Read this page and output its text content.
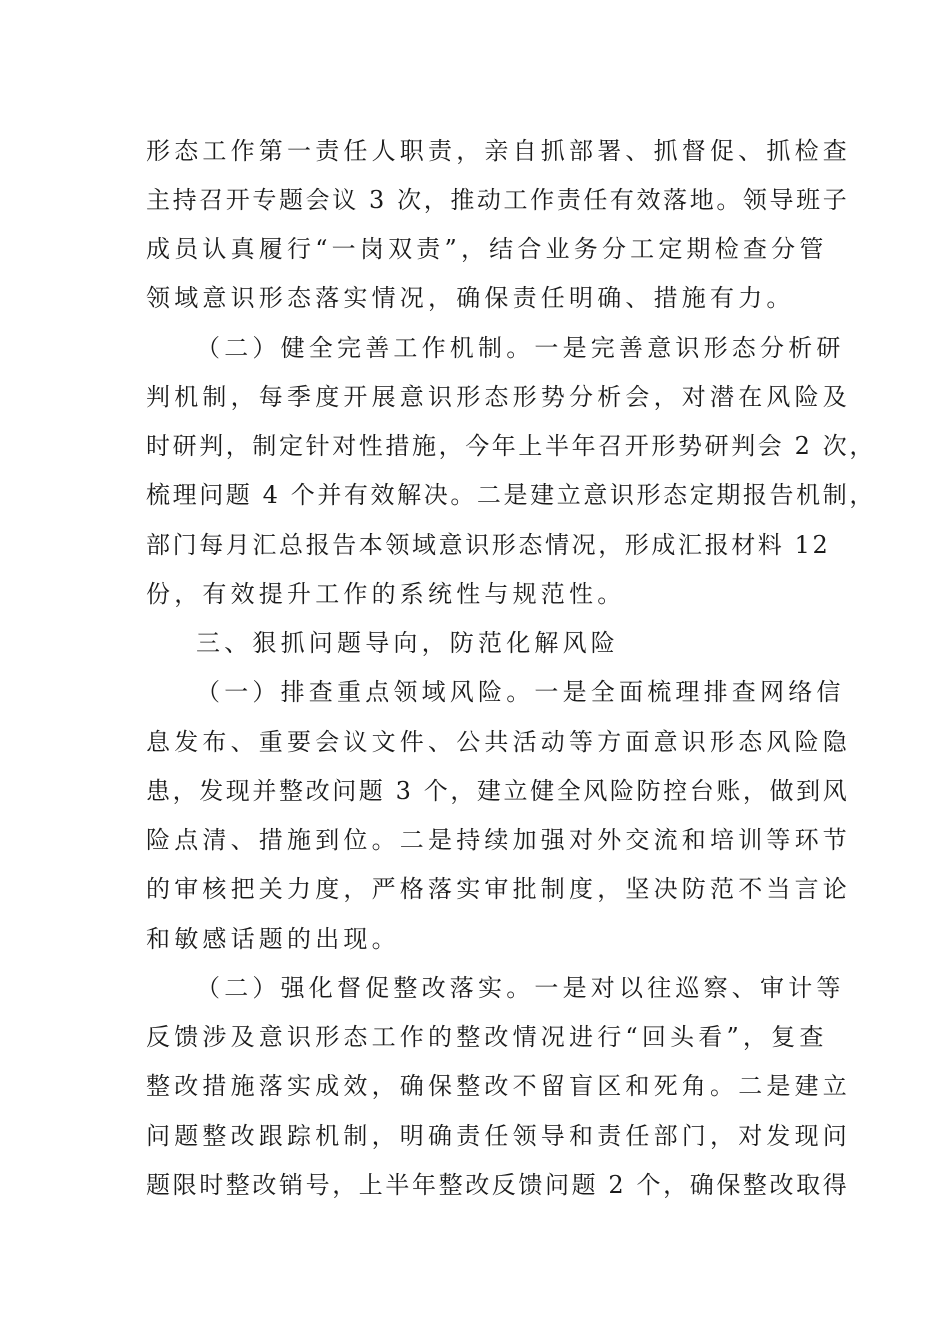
形态工作第一责任人职责，亲自抓部署、抓督促、抓检查
主持召开专题会议 3 次，推动工作责任有效落地。领导班子
成员认真履行“一岗双责”，结合业务分工定期检查分管
领域意识形态落实情况，确保责任明确、措施有力。
（二）健全完善工作机制。一是完善意识形态分析研
判机制，每季度开展意识形态形势分析会，对潜在风险及
时研判，制定针对性措施，今年上半年召开形势研判会 2 次，
梳理问题 4 个并有效解决。二是建立意识形态定期报告机制，
部门每月汇总报告本领域意识形态情况，形成汇报材料 12
份，有效提升工作的系统性与规范性。
三、狠抓问题导向，防范化解风险
（一）排查重点领域风险。一是全面梳理排查网络信
息发布、重要会议文件、公共活动等方面意识形态风险隐
患，发现并整改问题 3 个，建立健全风险防控台账，做到风
险点清、措施到位。二是持续加强对外交流和培训等环节
的审核把关力度，严格落实审批制度，坚决防范不当言论
和敏感话题的出现。
（二）强化督促整改落实。一是对以往巡察、审计等
反馈涉及意识形态工作的整改情况进行“回头看”，复查
整改措施落实成效，确保整改不留盲区和死角。二是建立
问题整改跟踪机制，明确责任领导和责任部门，对发现问
题限时整改销号，上半年整改反馈问题 2 个，确保整改取得
